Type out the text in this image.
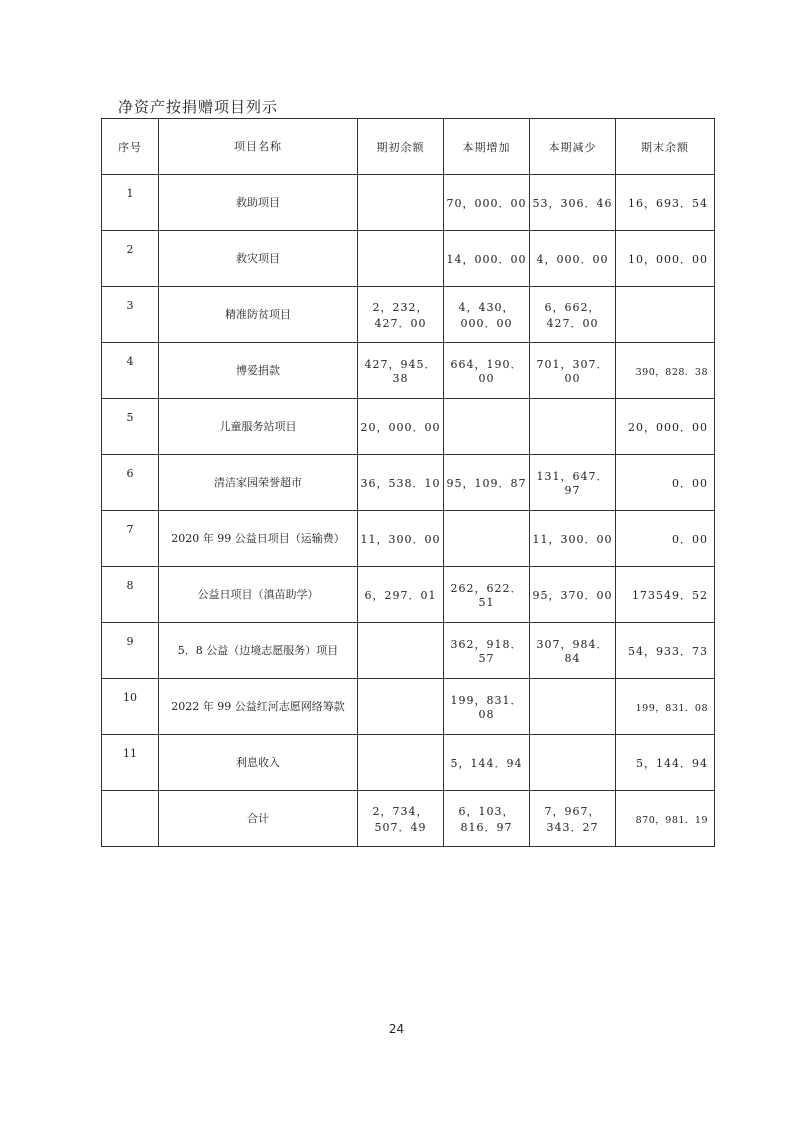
净资产按捐赠项目列示
序号	项目名称	期初余额	本期增加	本期减少	期末余额
1	救助项目		70，000．00	53，306．46	16，693．54
2	救灾项目		14，000．00	4，000．00	10，000．00
3	精准防贫项目	2，232，427．00	4，430，000．00	6，662，427．00	
4	博爱捐款	427，945．38	664，190．00	701，307．00	390，828．38
5	儿童服务站项目	20，000．00			20，000．00
6	清洁家园荣誉超市	36，538．10	95，109．87	131，647．97	0．00
7	2020 年 99 公益日项目（运输费）	11，300．00		11，300．00	0．00
8	公益日项目（滇苗助学）	6，297．01	262，622．51	95，370．00	173549．52
9	5．8 公益（边境志愿服务）项目		362，918．57	307，984．84	54，933．73
10	2022 年 99 公益红河志愿网络筹款		199，831．08		199，831．08
11	利息收入		5，144．94		5，144．94
	合计	2，734，507．49	6，103，816．97	7，967，343．27	870，981．19
24
